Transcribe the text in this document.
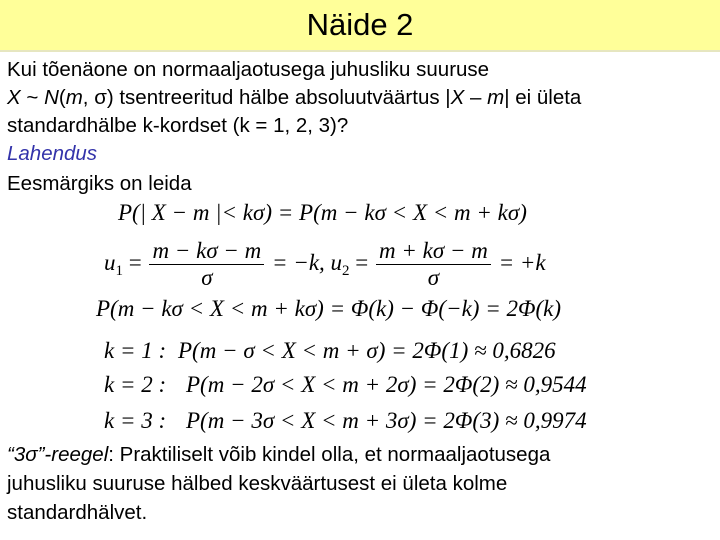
Näide 2
Kui tõenäone on normaaljaotusega juhusliku suuruse
X ~ N(m, σ) tsentreeritud hälbe absoluutväärtus |X – m| ei ületa
standardhälbe k-kordset (k = 1, 2, 3)?
Lahendus
Eesmärgiks on leida
P(| X − m |< kσ) = P(m − kσ < X < m + kσ)
$u_1 = \frac{m - k\sigma - m}{\sigma} = -k$, $u_2 = \frac{m + k\sigma - m}{\sigma} = +k$
P(m − kσ < X < m + kσ) = Φ(k) − Φ(−k) = 2Φ(k)
k = 1 : P(m − σ < X < m + σ) = 2Φ(1) ≈ 0,6826
k = 2 : P(m − 2σ < X < m + 2σ) = 2Φ(2) ≈ 0,9544
k = 3 : P(m − 3σ < X < m + 3σ) = 2Φ(3) ≈ 0,9974
“3σ”-reegel: Praktiliselt võib kindel olla, et normaaljaotusega
juhusliku suuruse hälbed keskväärtusest ei ületa kolme
standardhälvet.
